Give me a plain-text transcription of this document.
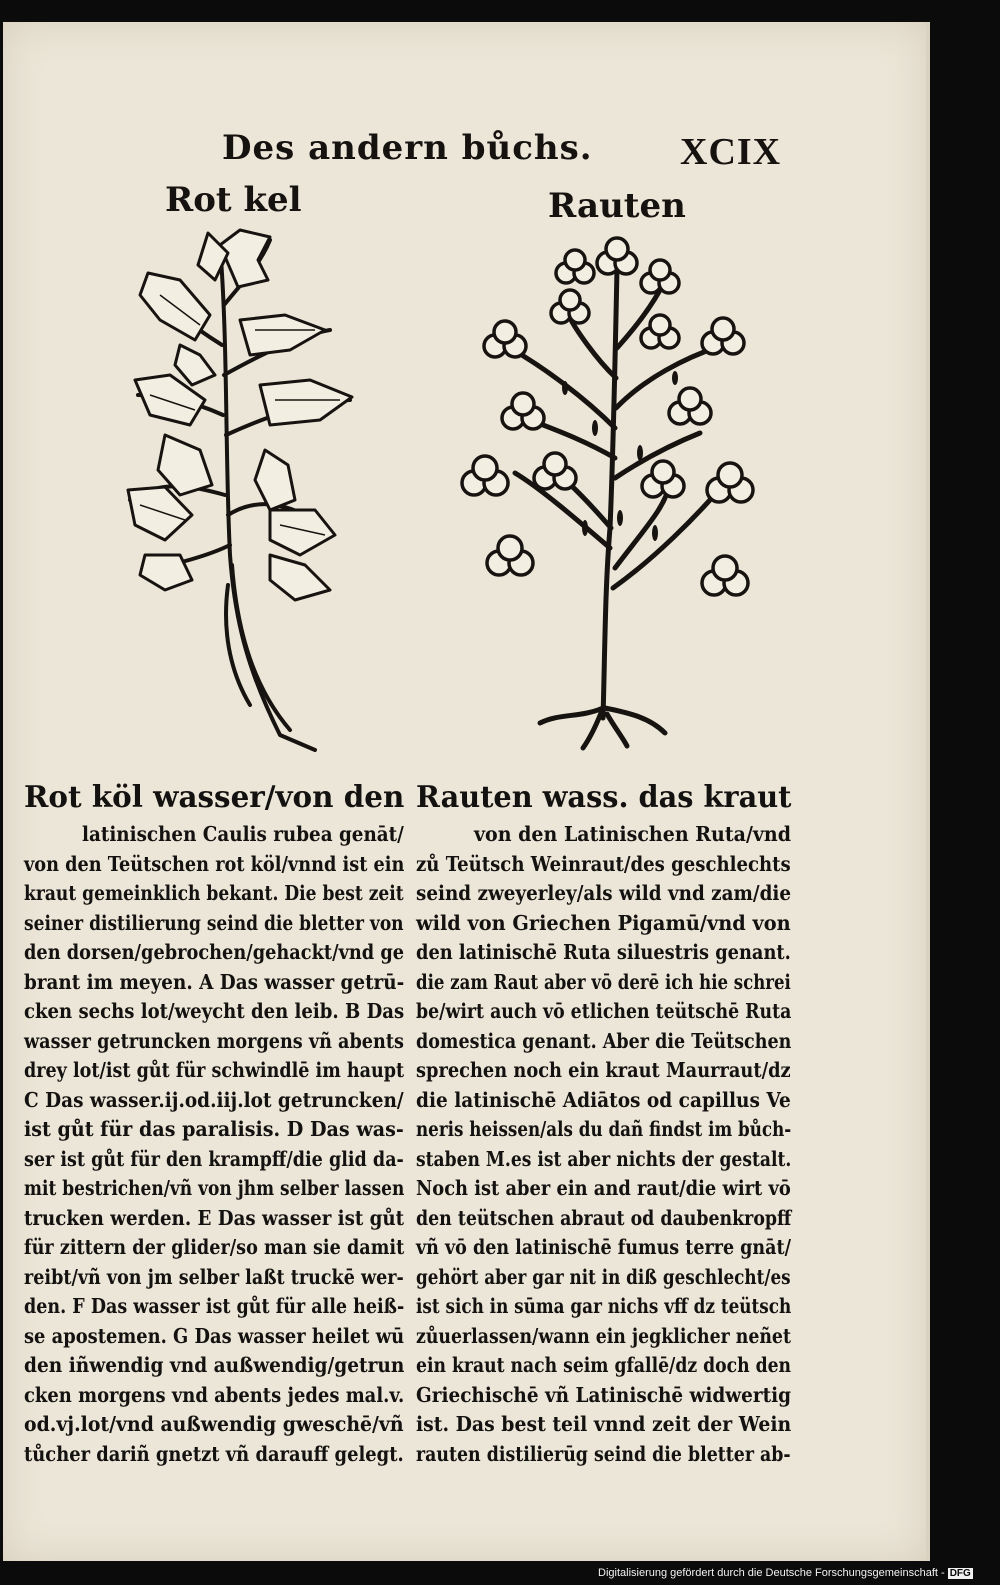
Des andern bůchs. XCIX
Rot kel	Rauten
Rot köl wasser/von den
latinischen Caulis rubea genāt/
von den Teütschen rot köl/vnnd ist ein
kraut gemeinklich bekant. Die best zeit
seiner distilierung seind die bletter von
den dorsen/gebrochen/gehackt/vnd ge
brant im meyen. A Das wasser getrū-
cken sechs lot/weycht den leib. B Das
wasser getruncken morgens vñ abents
drey lot/ist gůt für schwindlē im haupt
C Das wasser.ij.od.iij.lot getruncken/
ist gůt für das paralisis. D Das was-
ser ist gůt für den krampff/die glid da-
mit bestrichen/vñ von jhm selber lassen
trucken werden. E Das wasser ist gůt
für zittern der glider/so man sie damit
reibt/vñ von jm selber laßt truckē wer-
den. F Das wasser ist gůt für alle heiß-
se apostemen. G Das wasser heilet wū
den iñwendig vnd außwendig/getrun
cken morgens vnd abents jedes mal.v.
od.vj.lot/vnd außwendig gweschē/vñ
tůcher dariñ gnetzt vñ darauff gelegt.
Rauten wass. das kraut
von den Latinischen Ruta/vnd
zů Teütsch Weinraut/des geschlechts
seind zweyerley/als wild vnd zam/die
wild von Griechen Pigamū/vnd von
den latinischē Ruta siluestris genant.
die zam Raut aber vō derē ich hie schrei
be/wirt auch vō etlichen teütschē Ruta
domestica genant. Aber die Teütschen
sprechen noch ein kraut Maurraut/dz
die latinischē Adiātos od capillus Ve
neris heissen/als du dañ findst im bůch-
staben M.es ist aber nichts der gestalt.
Noch ist aber ein and raut/die wirt vō
den teütschen abraut od daubenkropff
vñ vō den latinischē fumus terre gnāt/
gehört aber gar nit in diß geschlecht/es
ist sich in sūma gar nichs vff dz teütsch
zůuerlassen/wann ein jegklicher neñet
ein kraut nach seim gfallē/dz doch den
Griechischē vñ Latinischē widwertig
ist. Das best teil vnnd zeit der Wein
rauten distilierūg seind die bletter ab-
Digitalisierung gefördert durch die Deutsche Forschungsgemeinschaft - DFG
